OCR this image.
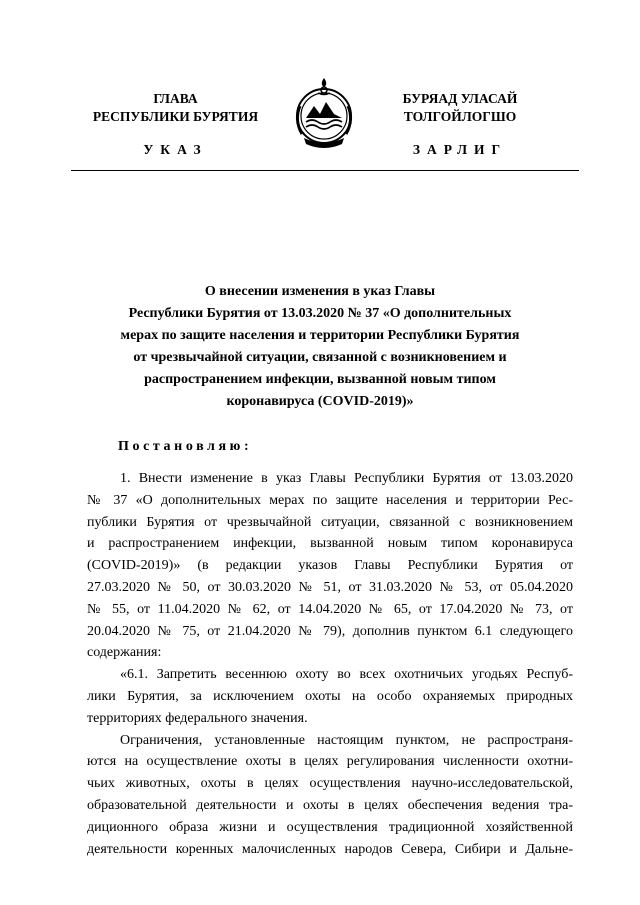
ГЛАВА
РЕСПУБЛИКИ БУРЯТИЯ
БУРЯАД УЛАСАЙ
ТОЛГОЙЛОГШО
УКАЗ	ЗАРЛИГ
О внесении изменения в указ Главы
Республики Бурятия от 13.03.2020 № 37 «О дополнительных
мерах по защите населения и территории Республики Бурятия
от чрезвычайной ситуации, связанной с возникновением и
распространением инфекции, вызванной новым типом
коронавируса (COVID-2019)»
Постановляю:
1. Внести изменение в указ Главы Республики Бурятия от 13.03.2020
№ 37 «О дополнительных мерах по защите населения и территории Рес-
публики Бурятия от чрезвычайной ситуации, связанной с возникновением
и распространением инфекции, вызванной новым типом коронавируса
(COVID-2019)» (в редакции указов Главы Республики Бурятия от
27.03.2020 № 50, от 30.03.2020 № 51, от 31.03.2020 № 53, от 05.04.2020
№ 55, от 11.04.2020 № 62, от 14.04.2020 № 65, от 17.04.2020 № 73, от
20.04.2020 № 75, от 21.04.2020 № 79), дополнив пунктом 6.1 следующего
содержания:
«6.1. Запретить весеннюю охоту во всех охотничьих угодьях Респуб-
лики Бурятия, за исключением охоты на особо охраняемых природных
территориях федерального значения.
Ограничения, установленные настоящим пунктом, не распространя-
ются на осуществление охоты в целях регулирования численности охотни-
чьих животных, охоты в целях осуществления научно-исследовательской,
образовательной деятельности и охоты в целях обеспечения ведения тра-
диционного образа жизни и осуществления традиционной хозяйственной
деятельности коренных малочисленных народов Севера, Сибири и Дальне-
